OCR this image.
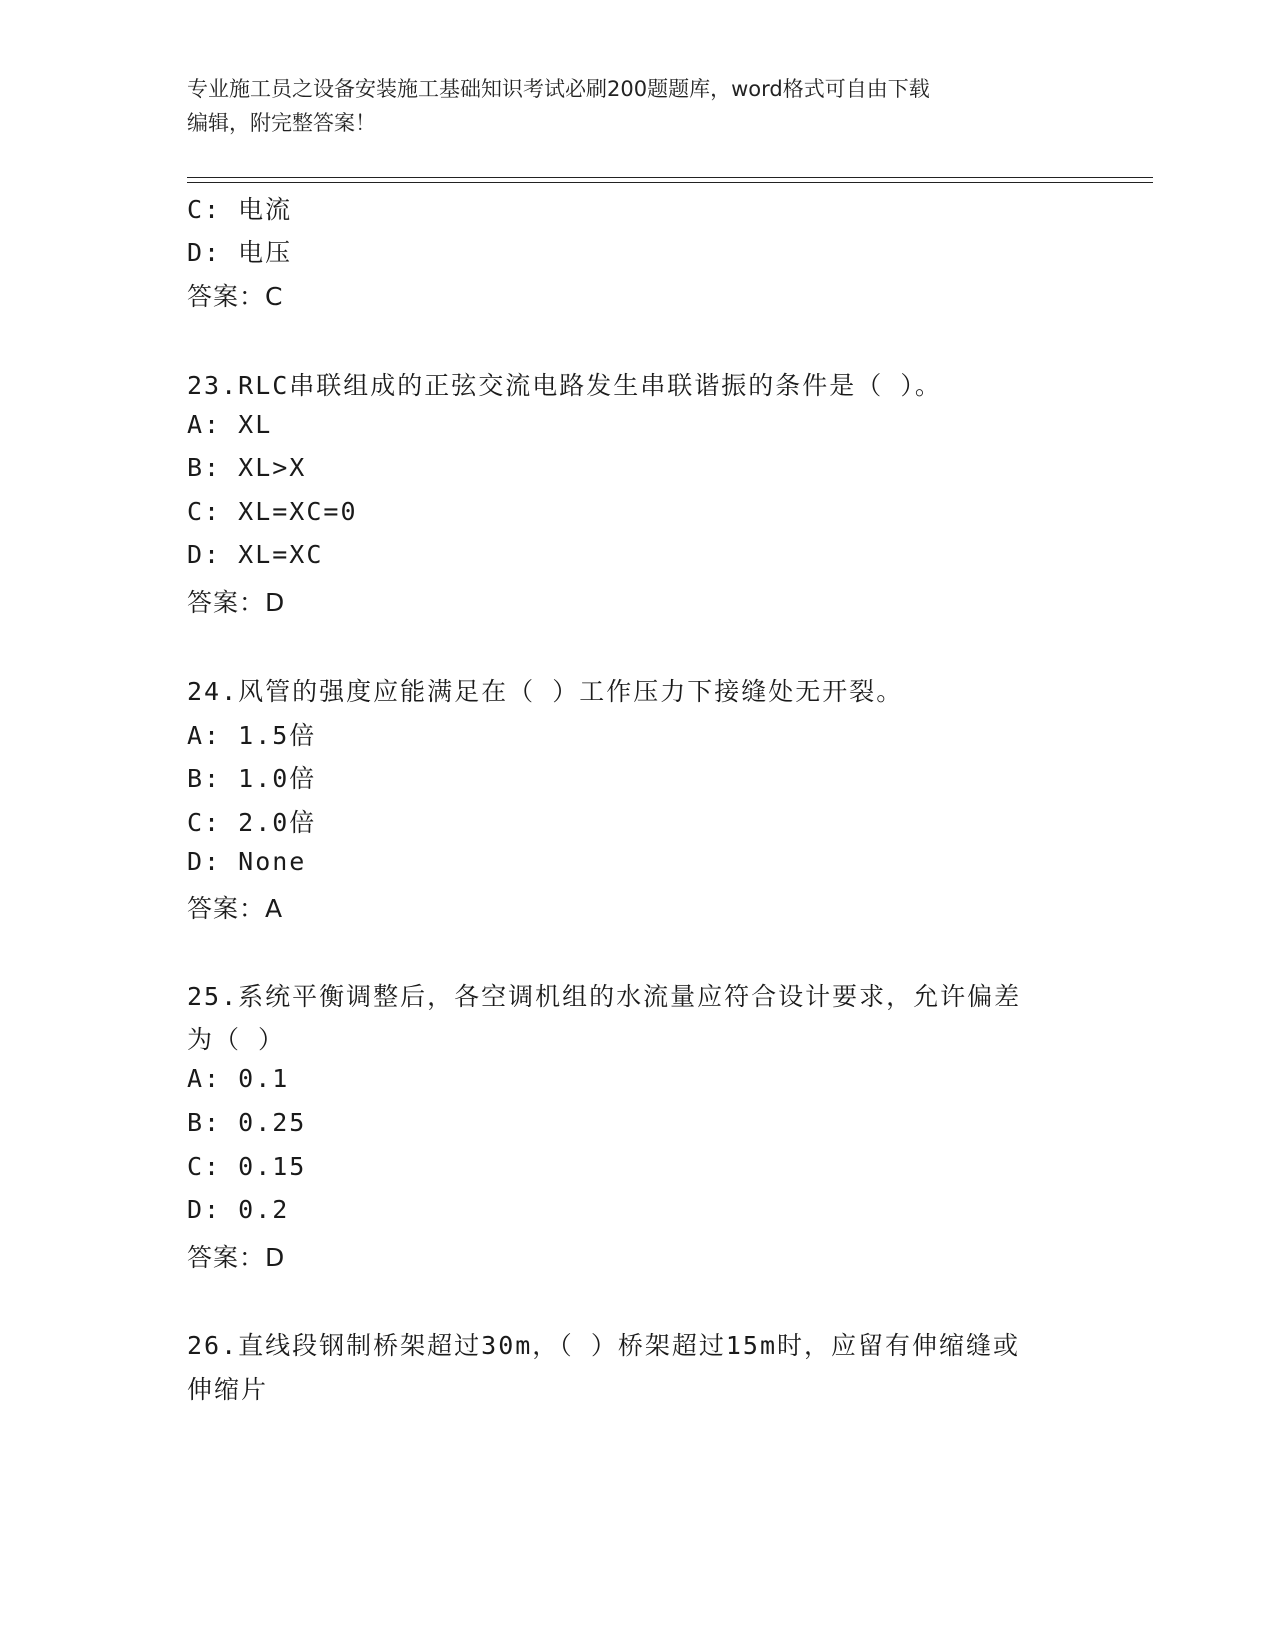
专业施工员之设备安装施工基础知识考试必刷200题题库，word格式可自由下载
编辑，附完整答案！
C: 电流
D: 电压
答案：C
23.RLC串联组成的正弦交流电路发生串联谐振的条件是（ ）。
A: XL
B: XL>X
C: XL=XC=0
D: XL=XC
答案：D
24.风管的强度应能满足在（ ）工作压力下接缝处无开裂。
A: 1.5倍
B: 1.0倍
C: 2.0倍
D: None
答案：A
25.系统平衡调整后，各空调机组的水流量应符合设计要求，允许偏差
为（ ）
A: 0.1
B: 0.25
C: 0.15
D: 0.2
答案：D
26.直线段钢制桥架超过30m，（ ）桥架超过15m时，应留有伸缩缝或
伸缩片
